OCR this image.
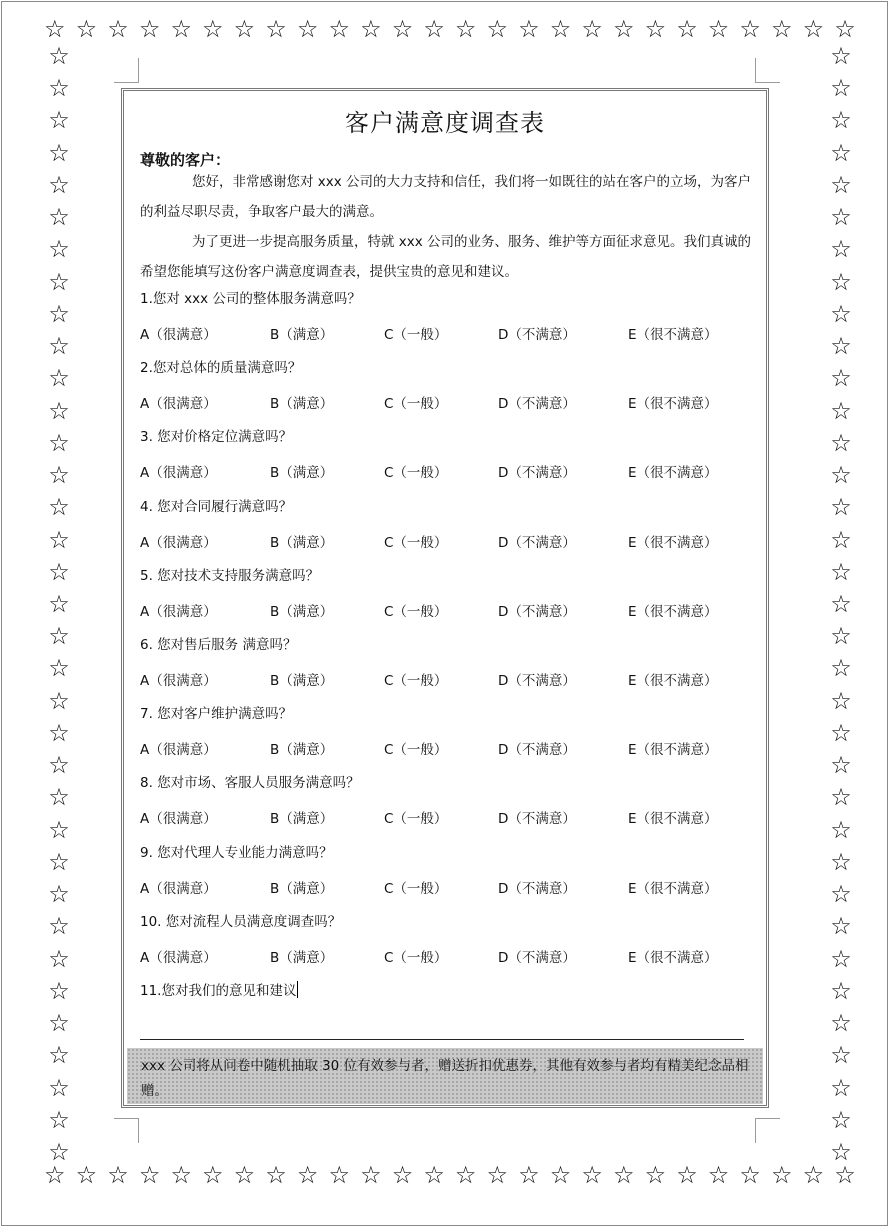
☆ ☆ ☆ ☆ ☆ ☆ ☆ ☆ ☆ ☆ ☆ ☆ ☆ ☆ ☆ ☆ ☆ ☆ ☆ ☆ ☆ ☆ ☆ ☆ ☆ ☆
☆ ☆ ☆ ☆ ☆ ☆ ☆ ☆ ☆ ☆ ☆ ☆ ☆ ☆ ☆ ☆ ☆ ☆ ☆ ☆ ☆ ☆ ☆ ☆ ☆ ☆
☆
☆
☆
☆
☆
☆
☆
☆
☆
☆
☆
☆
☆
☆
☆
☆
☆
☆
☆
☆
☆
☆
☆
☆
☆
☆
☆
☆
☆
☆
☆
☆
☆
☆
☆
☆
☆
☆
☆
☆
☆
☆
☆
☆
☆
☆
☆
☆
☆
☆
☆
☆
☆
☆
☆
☆
☆
☆
☆
☆
☆
☆
☆
☆
☆
☆
☆
☆
☆
☆
客户满意度调查表
尊敬的客户：
您好，非常感谢您对 xxx 公司的大力支持和信任，我们将一如既往的站在客户的立场，为客户的利益尽职尽责，争取客户最大的满意。
为了更进一步提高服务质量，特就 xxx 公司的业务、服务、维护等方面征求意见。我们真诚的希望您能填写这份客户满意度调查表，提供宝贵的意见和建议。
1.您对 xxx 公司的整体服务满意吗？
A（很满意）	B（满意）	C（一般）	D（不满意）	E（很不满意）
2.您对总体的质量满意吗？
A（很满意）	B（满意）	C（一般）	D（不满意）	E（很不满意）
3. 您对价格定位满意吗？
A（很满意）	B（满意）	C（一般）	D（不满意）	E（很不满意）
4. 您对合同履行满意吗？
A（很满意）	B（满意）	C（一般）	D（不满意）	E（很不满意）
5. 您对技术支持服务满意吗？
A（很满意）	B（满意）	C（一般）	D（不满意）	E（很不满意）
6. 您对售后服务 满意吗？
A（很满意）	B（满意）	C（一般）	D（不满意）	E（很不满意）
7. 您对客户维护满意吗？
A（很满意）	B（满意）	C（一般）	D（不满意）	E（很不满意）
8. 您对市场、客服人员服务满意吗？
A（很满意）	B（满意）	C（一般）	D（不满意）	E（很不满意）
9. 您对代理人专业能力满意吗？
A（很满意）	B（满意）	C（一般）	D（不满意）	E（很不满意）
10. 您对流程人员满意度调查吗？
A（很满意）	B（满意）	C（一般）	D（不满意）	E（很不满意）
11.您对我们的意见和建议
xxx 公司将从问卷中随机抽取 30 位有效参与者，赠送折扣优惠券，其他有效参与者均有精美纪念品相赠。
